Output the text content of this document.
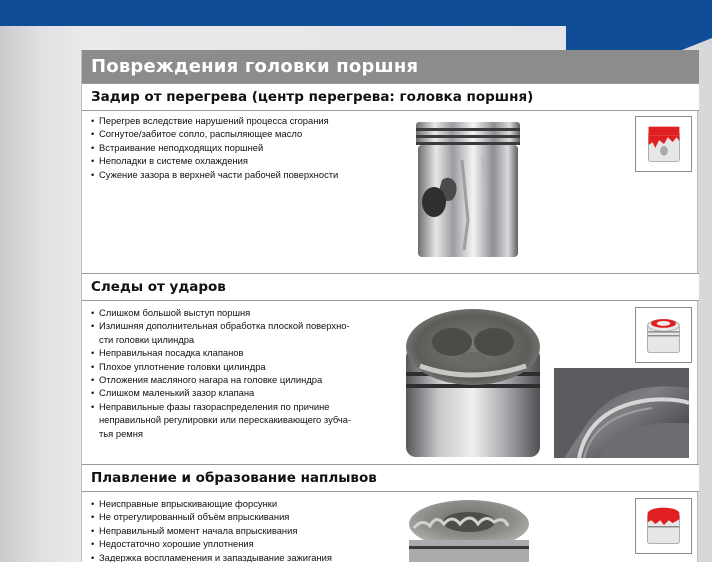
Повреждения головки поршня
Задир от перегрева (центр перегрева: головка поршня)
• Перегрев вследствие нарушений процесса сгорания
• Согнутое/забитое сопло, распыляющее масло
• Встраивание неподходящих поршней
• Неполадки в системе охлаждения
• Сужение зазора в верхней части рабочей поверхности
Следы от ударов
• Слишком большой выступ поршня
• Излишняя дополнительная обработка плоской поверхно-
сти головки цилиндра
• Неправильная посадка клапанов
• Плохое уплотнение головки цилиндра
• Отложения масляного нагара на головке цилиндра
• Слишком маленький зазор клапана
• Неправильные фазы газораспределения по причине
неправильной регулировки или перескакивающего зубча-
тья ремня
Плавление и образование наплывов
• Неисправные впрыскивающие форсунки
• Не отрегулированный объём впрыскивания
• Неправильный момент начала впрыскивания
• Недостаточно хорошие уплотнения
• Задержка воспламенения и запаздывание зажигания
